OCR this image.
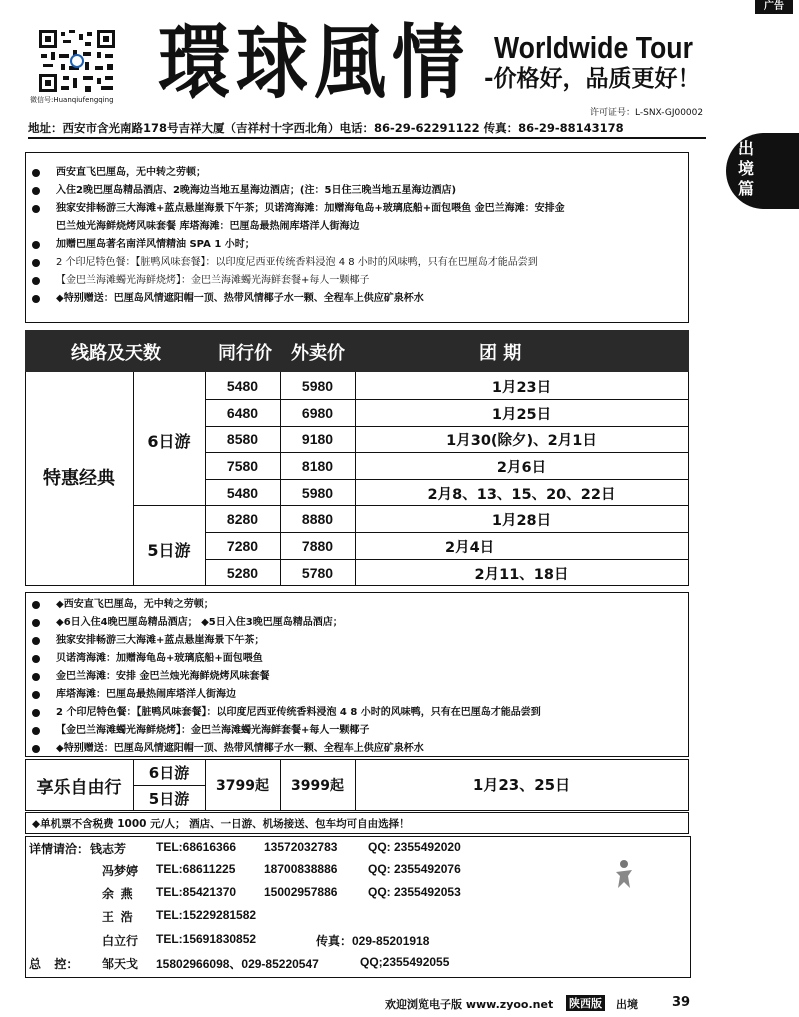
广告
微信号:Huanqiufengqing 環球風情 Worldwide Tour
-价格好，品质更好！
许可证号：L-SNX-GJ00002
地址：西安市含光南路178号吉祥大厦（吉祥村十字西北角）电话：86-29-62291122 传真：86-29-88143178
出境篇
西安直飞巴厘岛，无中转之劳顿；
入住2晚巴厘岛精品酒店、2晚海边当地五星海边酒店；(注：5日住三晚当地五星海边酒店)
独家安排畅游三大海滩+蓝点悬崖海景下午茶；贝诺湾海滩：加赠海龟岛+玻璃底船+面包喂鱼 金巴兰海滩：安排金
巴兰烛光海鲜烧烤风味套餐 库塔海滩：巴厘岛最热闹库塔洋人街海边
加赠巴厘岛著名南洋风情精油 SPA 1 小时；
2 个印尼特色餐：【脏鸭风味套餐】：以印度尼西亚传统香料浸泡 4 8 小时的风味鸭，只有在巴厘岛才能品尝到
【金巴兰海滩蠋光海鲜烧烤】：金巴兰海滩蠋光海鲜套餐+每人一颗椰子
◆特别赠送：巴厘岛风情遮阳帽一顶、热带风情椰子水一颗、全程车上供应矿泉杯水
线路及天数	同行价 外卖价	团 期
特惠经典
6日游
5日游
5480	5980	1月23日
6480	6980	1月25日
8580	9180	1月30(除夕)、2月1日
7580	8180	2月6日
5480	5980	2月8、13、15、20、22日
8280	8880	1月28日
7280	7880	2月4日
5280	5780	2月11、18日
◆西安直飞巴厘岛，无中转之劳顿；
◆6日入住4晚巴厘岛精品酒店； ◆5日入住3晚巴厘岛精品酒店；
独家安排畅游三大海滩+蓝点悬崖海景下午茶；
贝诺湾海滩：加赠海龟岛+玻璃底船+面包喂鱼
金巴兰海滩：安排 金巴兰烛光海鲜烧烤风味套餐
库塔海滩：巴厘岛最热闹库塔洋人街海边
2 个印尼特色餐：【脏鸭风味套餐】：以印度尼西亚传统香料浸泡 4 8 小时的风味鸭，只有在巴厘岛才能品尝到
【金巴兰海滩蠋光海鲜烧烤】：金巴兰海滩蠋光海鲜套餐+每人一颗椰子
◆特别赠送：巴厘岛风情遮阳帽一顶、热带风情椰子水一颗、全程车上供应矿泉杯水
享乐自由行
6日游
5日游
3799起	3999起	1月23、25日
◆单机票不含税费 1000 元/人； 酒店、一日游、机场接送、包车均可自由选择！
详情请洽： 钱志芳 TEL:68616366 13572032783	QQ: 2355492020
冯梦婷 TEL:68611225 18700838886	QQ: 2355492076
余  燕 TEL:85421370 15002957886	QQ: 2355492053
王  浩 TEL:15229281582
白立行 TEL:15691830852	传真：029-85201918
总    控： 邹天戈 15802966098、029-85220547	QQ;2355492055
欢迎浏览电子版 www.zyoo.net 陕西版 出境	39
